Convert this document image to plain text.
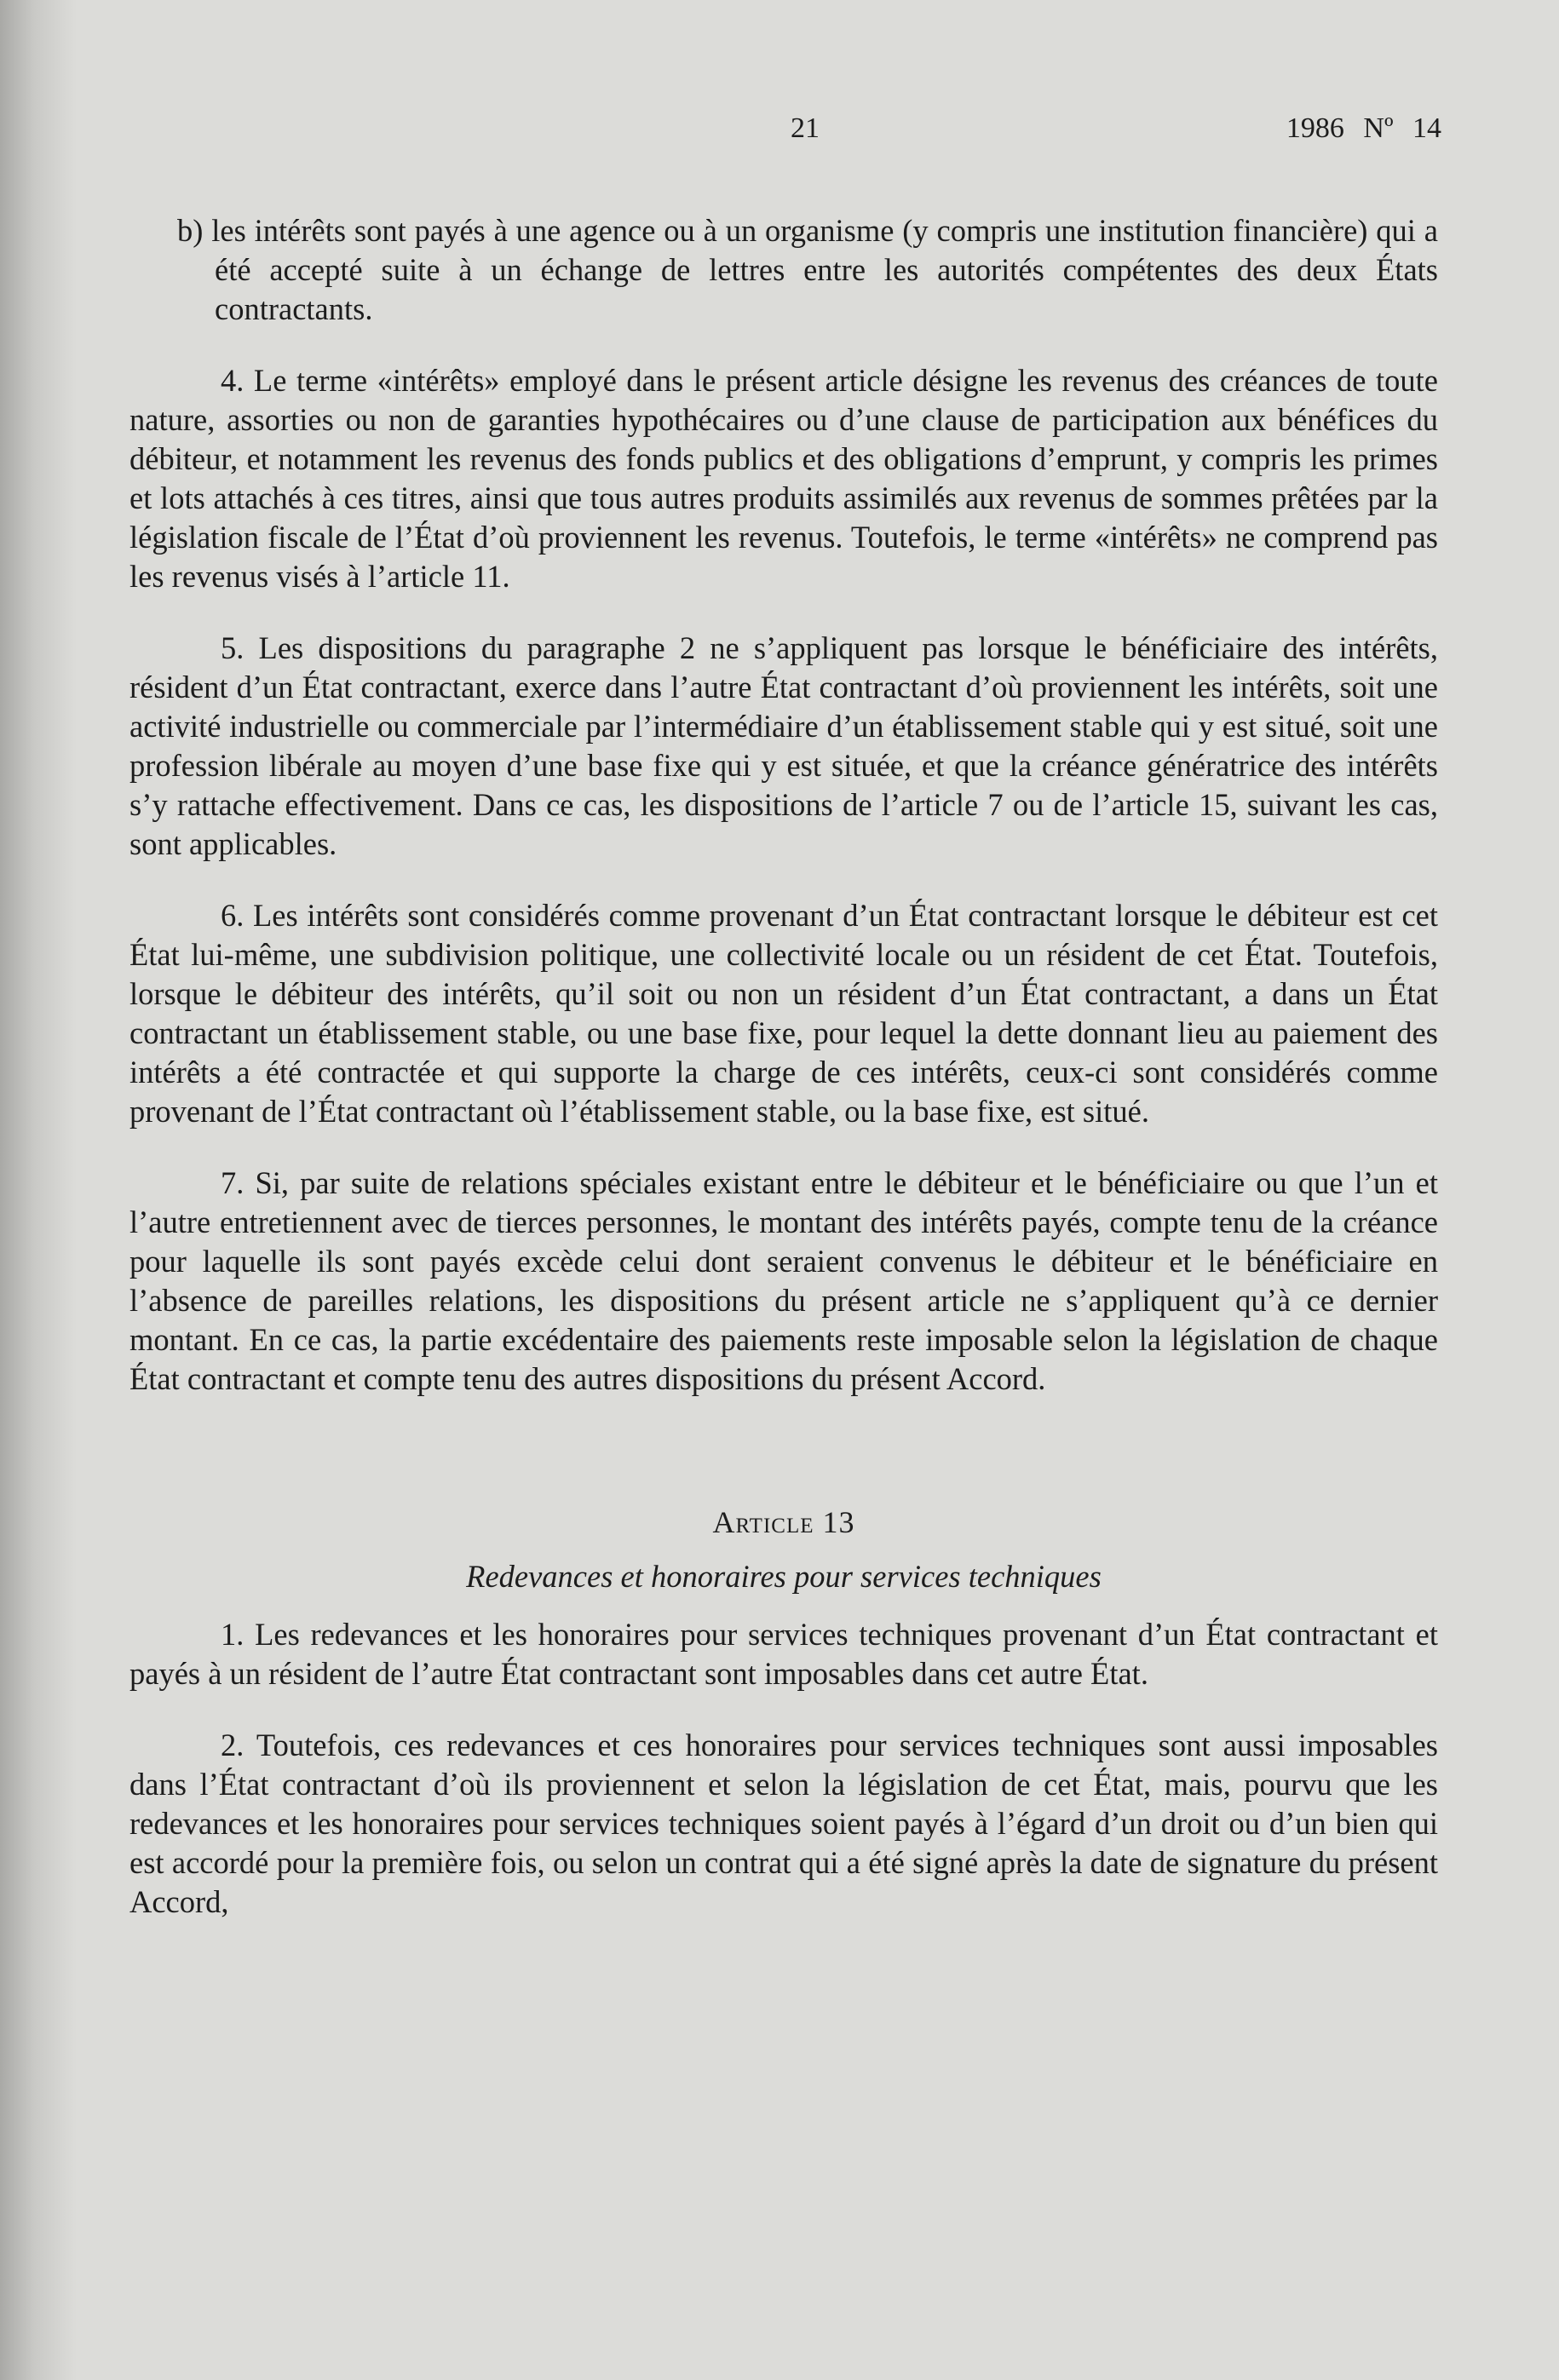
21	1986 Nº 14

b) les intérêts sont payés à une agence ou à un organisme (y compris une institution financière) qui a été accepté suite à un échange de lettres entre les autorités compétentes des deux États contractants.

4. Le terme «intérêts» employé dans le présent article désigne les revenus des créances de toute nature, assorties ou non de garanties hypothécaires ou d’une clause de participation aux bénéfices du débiteur, et notamment les revenus des fonds publics et des obligations d’emprunt, y compris les primes et lots attachés à ces titres, ainsi que tous autres produits assimilés aux revenus de sommes prêtées par la législation fiscale de l’État d’où proviennent les revenus. Toutefois, le terme «intérêts» ne comprend pas les revenus visés à l’article 11.

5. Les dispositions du paragraphe 2 ne s’appliquent pas lorsque le bénéficiaire des intérêts, résident d’un État contractant, exerce dans l’autre État contractant d’où proviennent les intérêts, soit une activité industrielle ou commerciale par l’intermédiaire d’un établissement stable qui y est situé, soit une profession libérale au moyen d’une base fixe qui y est située, et que la créance génératrice des intérêts s’y rattache effectivement. Dans ce cas, les dispositions de l’article 7 ou de l’article 15, suivant les cas, sont applicables.

6. Les intérêts sont considérés comme provenant d’un État contractant lorsque le débiteur est cet État lui-même, une subdivision politique, une collectivité locale ou un résident de cet État. Toutefois, lorsque le débiteur des intérêts, qu’il soit ou non un résident d’un État contractant, a dans un État contractant un établissement stable, ou une base fixe, pour lequel la dette donnant lieu au paiement des intérêts a été contractée et qui supporte la charge de ces intérêts, ceux-ci sont considérés comme provenant de l’État contractant où l’établissement stable, ou la base fixe, est situé.

7. Si, par suite de relations spéciales existant entre le débiteur et le bénéficiaire ou que l’un et l’autre entretiennent avec de tierces personnes, le montant des intérêts payés, compte tenu de la créance pour laquelle ils sont payés excède celui dont seraient convenus le débiteur et le bénéficiaire en l’absence de pareilles relations, les dispositions du présent article ne s’appliquent qu’à ce dernier montant. En ce cas, la partie excédentaire des paiements reste imposable selon la législation de chaque État contractant et compte tenu des autres dispositions du présent Accord.

Article 13
Redevances et honoraires pour services techniques

1. Les redevances et les honoraires pour services techniques provenant d’un État contractant et payés à un résident de l’autre État contractant sont imposables dans cet autre État.

2. Toutefois, ces redevances et ces honoraires pour services techniques sont aussi imposables dans l’État contractant d’où ils proviennent et selon la législation de cet État, mais, pourvu que les redevances et les honoraires pour services techniques soient payés à l’égard d’un droit ou d’un bien qui est accordé pour la première fois, ou selon un contrat qui a été signé après la date de signature du présent Accord,
